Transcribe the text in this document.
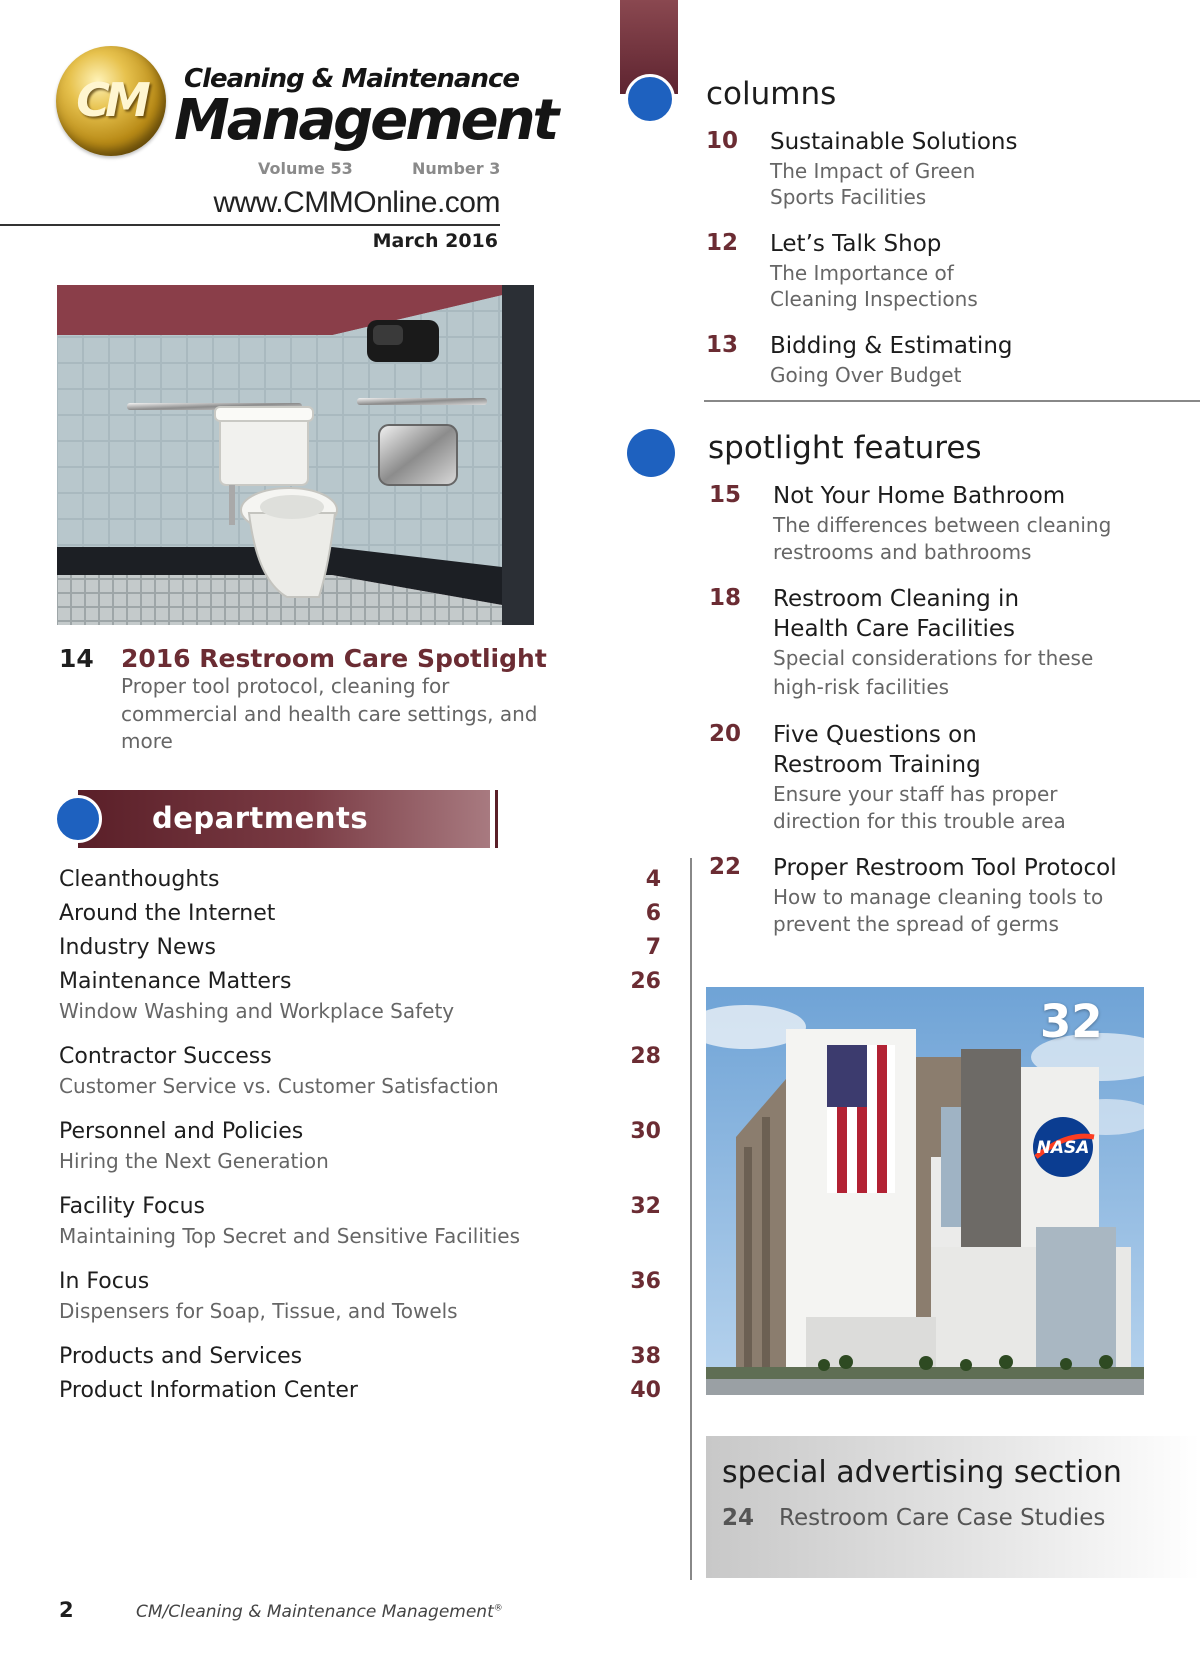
CM	Cleaning & Maintenance
Management
Volume 53	Number 3
www.CMMOnline.com
March 2016
14 2016 Restroom Care Spotlight
Proper tool protocol, cleaning for commercial and health care settings, and more
departments
Cleanthoughts	4
Around the Internet	6
Industry News	7
Maintenance Matters	26
Window Washing and Workplace Safety
Contractor Success	28
Customer Service vs. Customer Satisfaction
Personnel and Policies	30
Hiring the Next Generation
Facility Focus	32
Maintaining Top Secret and Sensitive Facilities
In Focus	36
Dispensers for Soap, Tissue, and Towels
Products and Services	38
Product Information Center	40
columns
10 Sustainable Solutions
The Impact of Green
Sports Facilities
12 Let’s Talk Shop
The Importance of
Cleaning Inspections
13 Bidding & Estimating
Going Over Budget
spotlight features
15 Not Your Home Bathroom
The differences between cleaning
restrooms and bathrooms
18 Restroom Cleaning in
Health Care Facilities
Special considerations for these
high-risk facilities
20 Five Questions on
Restroom Training
Ensure your staff has proper
direction for this trouble area
22 Proper Restroom Tool Protocol
How to manage cleaning tools to
prevent the spread of germs
NASA
32
special advertising section
24 Restroom Care Case Studies
2	CM/Cleaning & Maintenance Management®
